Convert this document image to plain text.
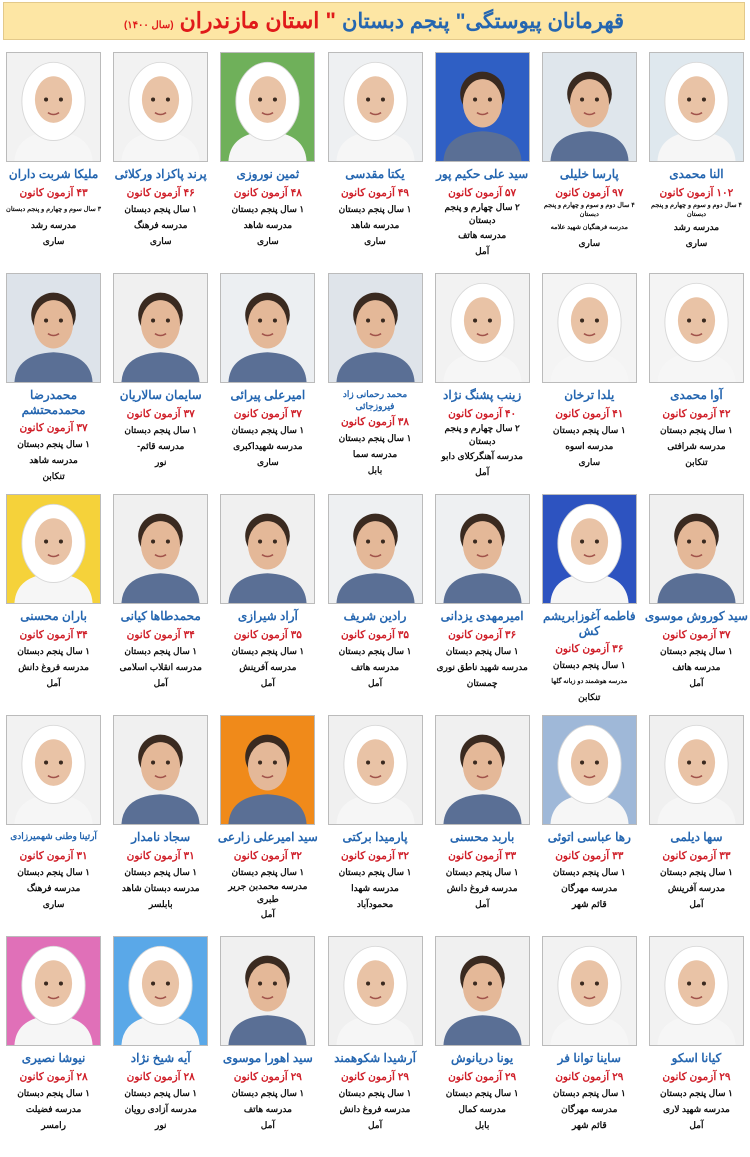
قهرمانان پیوستگی"
پنجم دبستان
" استان مازندران
(سال ۱۴۰۰)
النا محمدی
۱۰۲ آزمون کانون
۴ سال دوم و سوم و چهارم و پنجم دبستان
مدرسه رشد
ساری
پارسا خلیلی
۹۷ آزمون کانون
۴ سال دوم و سوم و چهارم و پنجم دبستان
مدرسه فرهنگیان شهید علامه
ساری
سید علی حکیم پور
۵۷ آزمون کانون
۲ سال چهارم و پنجم دبستان
مدرسه هاتف
آمل
یکتا مقدسی
۴۹ آزمون کانون
۱ سال پنجم دبستان
مدرسه شاهد
ساری
ثمین نوروزی
۴۸ آزمون کانون
۱ سال پنجم دبستان
مدرسه شاهد
ساری
پرند پاکزاد ورکلائی
۴۶ آزمون کانون
۱ سال پنجم دبستان
مدرسه فرهنگ
ساری
ملیکا شربت داران
۴۳ آزمون کانون
۳ سال سوم و چهارم و پنجم دبستان
مدرسه رشد
ساری
آوا محمدی
۴۲ آزمون کانون
۱ سال پنجم دبستان
مدرسه شرافتی
تنکابن
یلدا ترخان
۴۱ آزمون کانون
۱ سال پنجم دبستان
مدرسه اسوه
ساری
زینب پشنگ نژاد
۴۰ آزمون کانون
۲ سال چهارم و پنجم دبستان
مدرسه آهنگرکلای دابو
آمل
محمد رحمانی زاد فیروزجائی
۳۸ آزمون کانون
۱ سال پنجم دبستان
مدرسه سما
بابل
امیرعلی پیرائی
۳۷ آزمون کانون
۱ سال پنجم دبستان
مدرسه شهیداکبری
ساری
سایمان سالاریان
۳۷ آزمون کانون
۱ سال پنجم دبستان
مدرسه قائم-
نور
محمدرضا محمدمحتشم
۳۷ آزمون کانون
۱ سال پنجم دبستان
مدرسه شاهد
تنکابن
سید کوروش موسوی
۳۷ آزمون کانون
۱ سال پنجم دبستان
مدرسه هاتف
آمل
فاطمه آغوزابریشم کش
۳۶ آزمون کانون
۱ سال پنجم دبستان
مدرسه هوشمند دو زبانه گلها
تنکابن
امیرمهدی یزدانی
۳۶ آزمون کانون
۱ سال پنجم دبستان
مدرسه شهید ناطق نوری
چمستان
رادین شریف
۳۵ آزمون کانون
۱ سال پنجم دبستان
مدرسه هاتف
آمل
آراد شیرازی
۳۵ آزمون کانون
۱ سال پنجم دبستان
مدرسه آفرینش
آمل
محمدطاها کیانی
۳۴ آزمون کانون
۱ سال پنجم دبستان
مدرسه انقلاب اسلامی
آمل
باران محسنی
۳۴ آزمون کانون
۱ سال پنجم دبستان
مدرسه فروغ دانش
آمل
سها دیلمی
۳۳ آزمون کانون
۱ سال پنجم دبستان
مدرسه آفرینش
آمل
رها عباسی اتوئی
۳۳ آزمون کانون
۱ سال پنجم دبستان
مدرسه مهرگان
قائم شهر
باربد محسنی
۳۳ آزمون کانون
۱ سال پنجم دبستان
مدرسه فروغ دانش
آمل
پارمیدا برکتی
۳۲ آزمون کانون
۱ سال پنجم دبستان
مدرسه شهدا
محمودآباد
سید امیرعلی زارعی
۳۲ آزمون کانون
۱ سال پنجم دبستان
مدرسه محمدبن جریر طبری
آمل
سجاد نامدار
۳۱ آزمون کانون
۱ سال پنجم دبستان
مدرسه دبستان شاهد
بابلسر
آرتینا وطنی شهمیرزادی
۳۱ آزمون کانون
۱ سال پنجم دبستان
مدرسه فرهنگ
ساری
کیانا اسکو
۲۹ آزمون کانون
۱ سال پنجم دبستان
مدرسه شهید لاری
آمل
ساینا توانا فر
۲۹ آزمون کانون
۱ سال پنجم دبستان
مدرسه مهرگان
قائم شهر
یونا دریانوش
۲۹ آزمون کانون
۱ سال پنجم دبستان
مدرسه کمال
بابل
آرشیدا شکوهمند
۲۹ آزمون کانون
۱ سال پنجم دبستان
مدرسه فروغ دانش
آمل
سید اهورا موسوی
۲۹ آزمون کانون
۱ سال پنجم دبستان
مدرسه هاتف
آمل
آیه شیخ نژاد
۲۸ آزمون کانون
۱ سال پنجم دبستان
مدرسه آزادی رویان
نور
نیوشا نصیری
۲۸ آزمون کانون
۱ سال پنجم دبستان
مدرسه فضیلت
رامسر
